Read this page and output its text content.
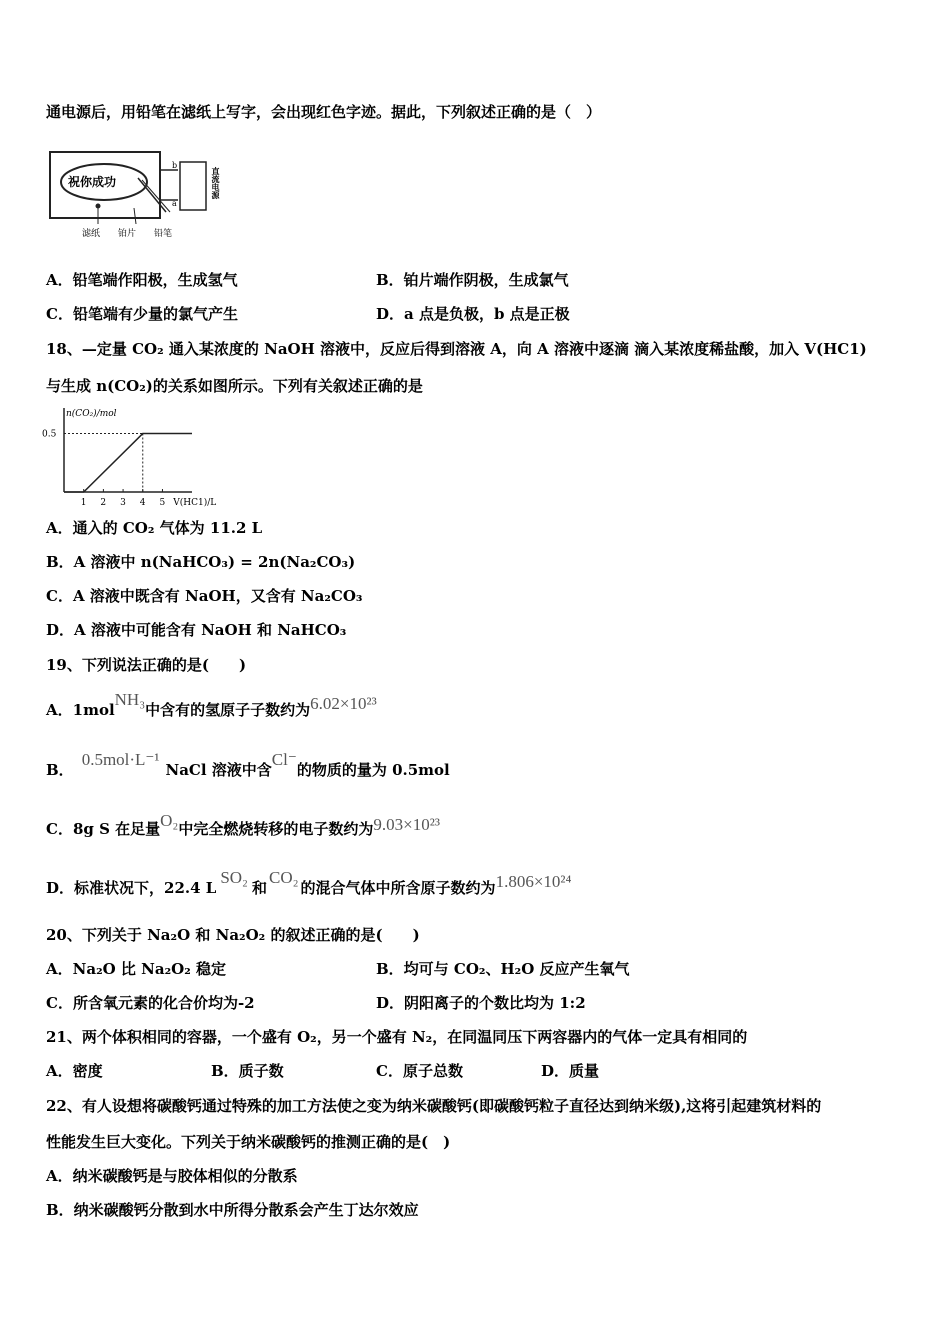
通电源后，用铅笔在滤纸上写字，会出现红色字迹。据此，下列叙述正确的是（　）
祝你成功
b
a
直流电源
滤纸 铂片 铅笔
A．铅笔端作阳极，生成氢气	B．铂片端作阴极，生成氯气
C．铅笔端有少量的氯气产生	D．a 点是负极，b 点是正极
18、—定量 CO₂ 通入某浓度的 NaOH 溶液中，反应后得到溶液 A，向 A 溶液中逐滴 滴入某浓度稀盐酸，加入 V(HC1)
与生成 n(CO₂)的关系如图所示。下列有关叙述正确的是
n(CO₂)/mol
V(HC1)/L
1 2 3 4 5
0.5
A．通入的 CO₂ 气体为 11.2 L
B．A 溶液中 n(NaHCO₃) = 2n(Na₂CO₃)
C．A 溶液中既含有 NaOH，又含有 Na₂CO₃
D．A 溶液中可能含有 NaOH 和 NaHCO₃
19、下列说法正确的是(　　)
A．1molNH₃中含有的氢原子子数约为6.02×10²³
B．0.5mol·L⁻¹NaCl 溶液中含Cl⁻的物质的量为 0.5mol
C．8g S 在足量O₂中完全燃烧转移的电子数约为9.03×10²³
D．标准状况下，22.4 LSO₂和CO₂的混合气体中所含原子数约为1.806×10²⁴
20、下列关于 Na₂O 和 Na₂O₂ 的叙述正确的是(　　)
A．Na₂O 比 Na₂O₂ 稳定	B．均可与 CO₂、H₂O 反应产生氧气
C．所含氧元素的化合价均为-2	D．阴阳离子的个数比均为 1:2
21、两个体积相同的容器，一个盛有 O₂，另一个盛有 N₂，在同温同压下两容器内的气体一定具有相同的
A．密度	B．质子数	C．原子总数	D．质量
22、有人设想将碳酸钙通过特殊的加工方法使之变为纳米碳酸钙(即碳酸钙粒子直径达到纳米级),这将引起建筑材料的
性能发生巨大变化。下列关于纳米碳酸钙的推测正确的是(　)
A．纳米碳酸钙是与胶体相似的分散系
B．纳米碳酸钙分散到水中所得分散系会产生丁达尔效应
